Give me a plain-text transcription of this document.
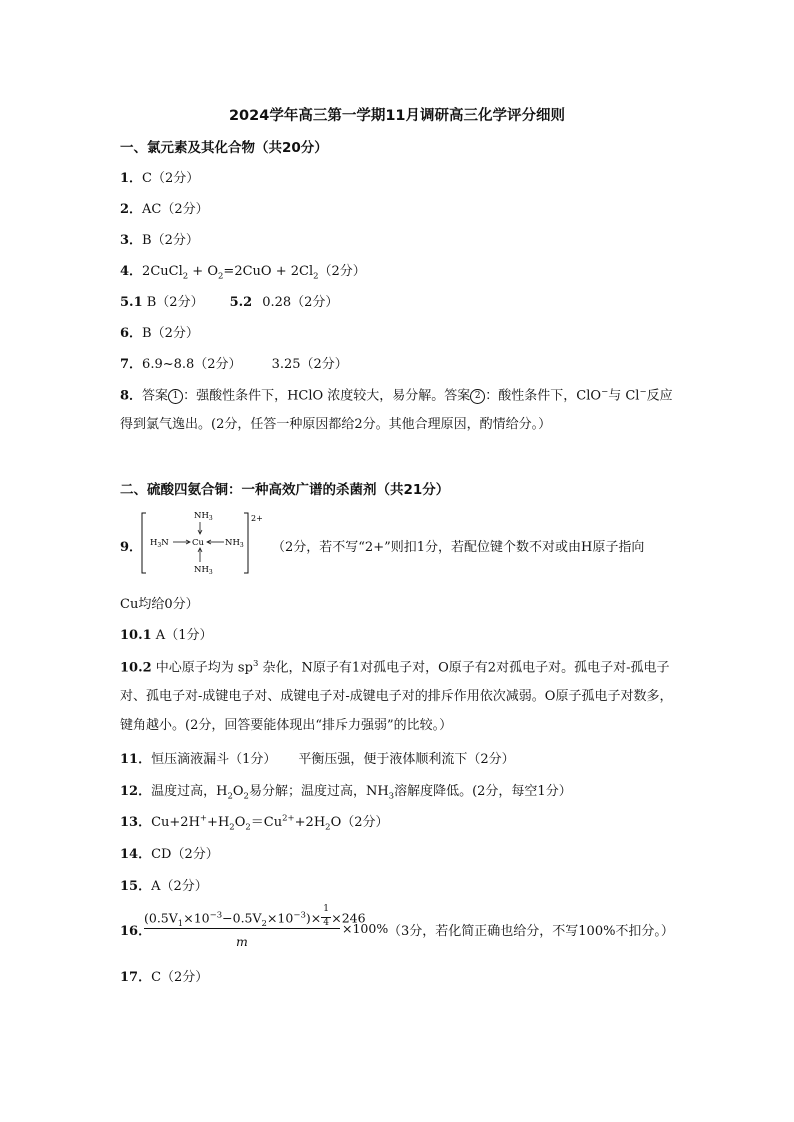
2024学年高三第一学期11月调研高三化学评分细则
一、氯元素及其化合物（共20分）
1．C（2分）
2．AC（2分）
3．B（2分）
4．2CuCl$_2$ + $O_2=2CuO + 2Cl_2(2$分）
5.1 B（2分） 5.2 0.28（2分）
6．B（2分）
7．6.9~8.8（2分） 3.25（2分）
8．答案 1 ：强酸性条件下，HClO 浓度较大，易分解。答案 2 ：酸性条件下，ClO−与 Cl−反应得到氯气逸出。(2分，任答一种原因都给2分。其他合理原因，酌情给分。）
二、硫酸四氨合铜：一种高效广谱的杀菌剂（共21分）
9．
$NH_3$
$H_3N$	Cu $NH_3$
$NH_3$
2+
（2分，若不写“2+”则扣1分，若配位键个数不对或由H原子指向
Cu均给0分）
10.1 A（1分）
10.2 中心原子均为 $sp^3$ 杂化，N原子有1对孤电子对，O原子有2对孤电子对。孤电子对-孤电子对、孤电子对-成键电子对、成键电子对-成键电子对的排斥作用依次减弱。O原子孤电子对数多，键角越小。(2分，回答要能体现出“排斥力强弱”的比较。）
11．恒压滴液漏斗（1分） 平衡压强，便于液体顺利流下（2分）
12．温度过高，$H_2O_2$易分解；温度过高，$NH_3$溶解度降低。(2分，每空1分）
13．$Cu+2H^++H_2O_2=Cu^{2+}+2H_2O(2$分）
14．CD（2分）
15．A（2分）
16．
$(0.5V_1\times 10^{-3}-0.5V_2\times 10^{-3})\times \frac{1}{4} \times 246$
m
×100% （3分，若化简正确也给分，不写100%不扣分。）
17．C（2分）
